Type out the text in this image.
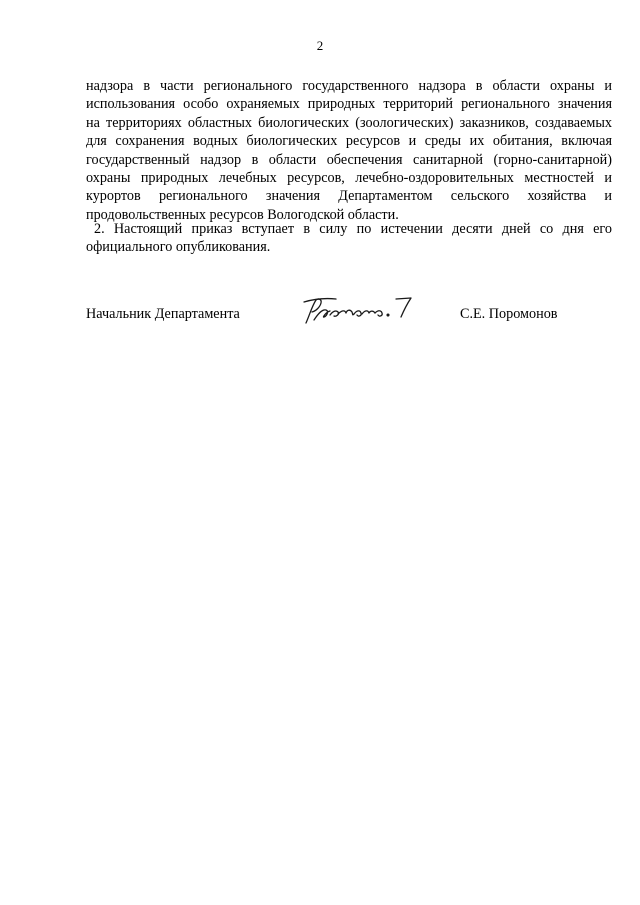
2
надзора в части регионального государственного надзора в области охраны и
использования особо охраняемых природных территорий регионального значения
на территориях областных биологических (зоологических) заказников, создаваемых
для сохранения водных биологических ресурсов и среды их обитания, включая
государственный надзор в области обеспечения санитарной (горно-санитарной)
охраны природных лечебных ресурсов, лечебно-оздоровительных местностей и
курортов регионального значения Департаментом сельского хозяйства и
продовольственных ресурсов Вологодской области.
2. Настоящий приказ вступает в силу по истечении десяти дней со дня его
официального опубликования.
Начальник Департамента	С.Е. Поромонов
